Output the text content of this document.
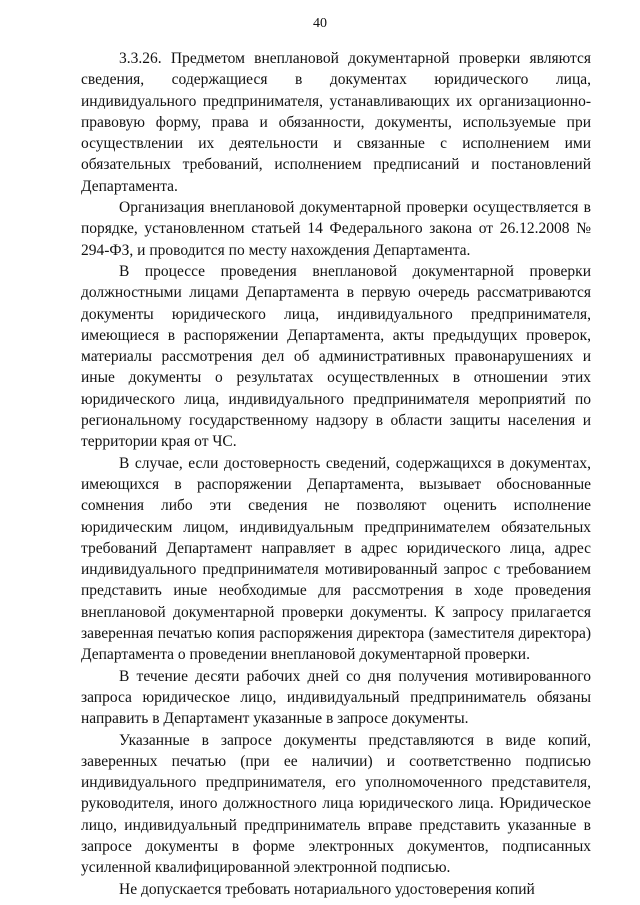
40

3.3.26. Предметом внеплановой документарной проверки являются сведения, содержащиеся в документах юридического лица, индивидуального предпринимателя, устанавливающих их организационно-правовую форму, права и обязанности, документы, используемые при осуществлении их деятельности и связанные с исполнением ими обязательных требований, исполнением предписаний и постановлений Департамента.

Организация внеплановой документарной проверки осуществляется в порядке, установленном статьей 14 Федерального закона от 26.12.2008 № 294-ФЗ, и проводится по месту нахождения Департамента.

В процессе проведения внеплановой документарной проверки должностными лицами Департамента в первую очередь рассматриваются документы юридического лица, индивидуального предпринимателя, имеющиеся в распоряжении Департамента, акты предыдущих проверок, материалы рассмотрения дел об административных правонарушениях и иные документы о результатах осуществленных в отношении этих юридического лица, индивидуального предпринимателя мероприятий по региональному государственному надзору в области защиты населения и территории края от ЧС.

В случае, если достоверность сведений, содержащихся в документах, имеющихся в распоряжении Департамента, вызывает обоснованные сомнения либо эти сведения не позволяют оценить исполнение юридическим лицом, индивидуальным предпринимателем обязательных требований Департамент направляет в адрес юридического лица, адрес индивидуального предпринимателя мотивированный запрос с требованием представить иные необходимые для рассмотрения в ходе проведения внеплановой документарной проверки документы. К запросу прилагается заверенная печатью копия распоряжения директора (заместителя директора) Департамента о проведении внеплановой документарной проверки.

В течение десяти рабочих дней со дня получения мотивированного запроса юридическое лицо, индивидуальный предприниматель обязаны направить в Департамент указанные в запросе документы.

Указанные в запросе документы представляются в виде копий, заверенных печатью (при ее наличии) и соответственно подписью индивидуального предпринимателя, его уполномоченного представителя, руководителя, иного должностного лица юридического лица. Юридическое лицо, индивидуальный предприниматель вправе представить указанные в запросе документы в форме электронных документов, подписанных усиленной квалифицированной электронной подписью.

Не допускается требовать нотариального удостоверения копий
